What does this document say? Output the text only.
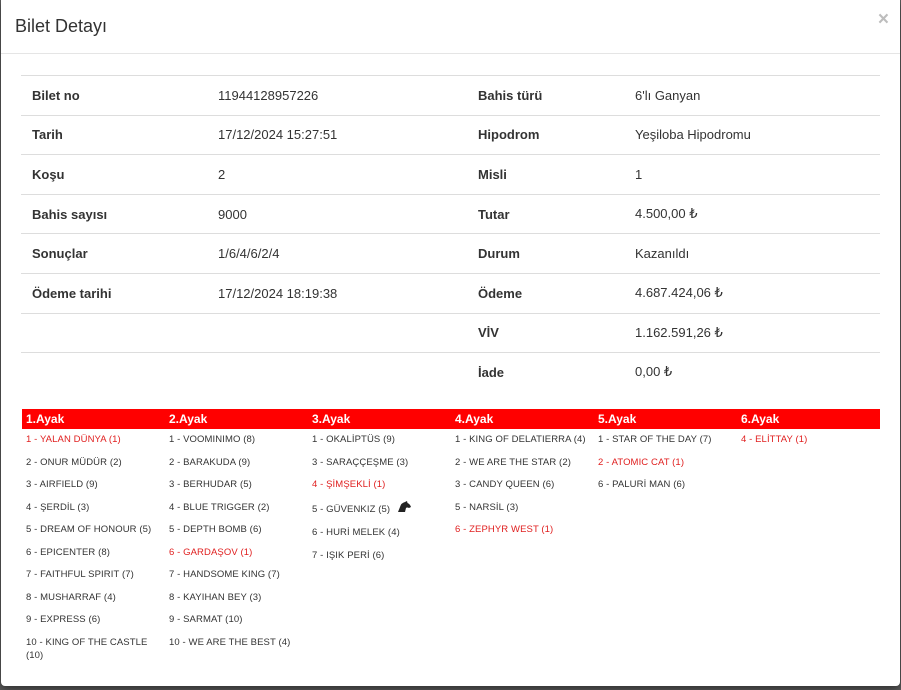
Bilet Detayı	×
Bilet no	11944128957226	Bahis türü	6'lı Ganyan
Tarih	17/12/2024 15:27:51	Hipodrom	Yeşiloba Hipodromu
Koşu	2	Misli	1
Bahis sayısı	9000	Tutar	4.500,00 ₺
Sonuçlar	1/6/4/6/2/4	Durum	Kazanıldı
Ödeme tarihi	17/12/2024 18:19:38	Ödeme	4.687.424,06 ₺
		VİV	1.162.591,26 ₺
		İade	0,00 ₺
1.Ayak
1 - YALAN DÜNYA (1)
2 - ONUR MÜDÜR (2)
3 - AIRFIELD (9)
4 - ŞERDİL (3)
5 - DREAM OF HONOUR (5)
6 - EPICENTER (8)
7 - FAITHFUL SPIRIT (7)
8 - MUSHARRAF (4)
9 - EXPRESS (6)
10 - KING OF THE CASTLE (10)
2.Ayak
1 - VOOMINIMO (8)
2 - BARAKUDA (9)
3 - BERHUDAR (5)
4 - BLUE TRIGGER (2)
5 - DEPTH BOMB (6)
6 - GARDAŞOV (1)
7 - HANDSOME KING (7)
8 - KAYIHAN BEY (3)
9 - SARMAT (10)
10 - WE ARE THE BEST (4)
3.Ayak
1 - OKALİPTÜS (9)
3 - SARAÇÇEŞME (3)
4 - ŞİMŞEKLİ (1)
5 - GÜVENKIZ (5)
6 - HURİ MELEK (4)
7 - IŞIK PERİ (6)
4.Ayak
1 - KING OF DELATIERRA (4)
2 - WE ARE THE STAR (2)
3 - CANDY QUEEN (6)
5 - NARSİL (3)
6 - ZEPHYR WEST (1)
5.Ayak
1 - STAR OF THE DAY (7)
2 - ATOMIC CAT (1)
6 - PALURİ MAN (6)
6.Ayak
4 - ELİTTAY (1)
